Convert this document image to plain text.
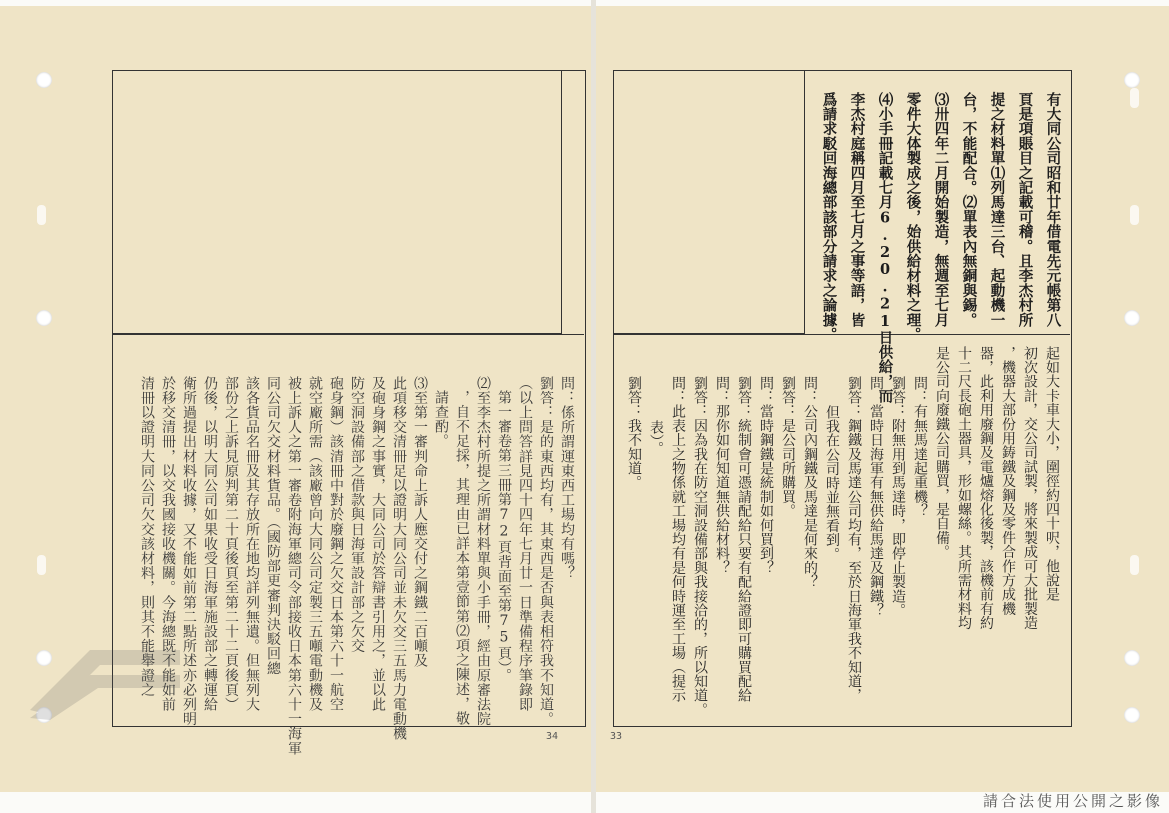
有大同公司昭和廿年借電先元帳第八
頁是項賬目之記載可稽。且李杰村所
提之材料單⑴列馬達三台、起動機一
台，不能配合。⑵單表內無銅與錫。
⑶卅四年二月開始製造，無週至七月
零件大体製成之後，始供給材料之理。
⑷小手冊記載七月6.20.21日供給，而
李杰村庭稱四月至七月之事等語，皆
爲請求駁回海總部該部分請求之論據。
起如大卡車大小，圍徑約四十呎，他說是
初次設計，交公司試製，將來製成可大批製造
，機器大部份用鋳鐵及鋼及零件合作方成機
器，此利用廢鋼及電爐熔化後製，該機前有約
十二尺長砲土器具，形如螺絲。其所需材料均
是公司向廢鐵公司購買，是自備。
問：有無馬達起重機？
劉答：附無用到馬達時，即停止製造。
問：當時日海軍有無供給馬達及鋼鐵？
劉答：鋼鐵及馬達公司均有，至於日海軍我不知道，
但我在公司時並無看到。
問：公司內鋼鐵及馬達是何來的？
劉答：是公司所購買。
問：當時鋼鐵是統制如何買到？
劉答：統制會可憑請配給只要有配給證即可購買配給
問：那你如何知道無供給材料？
劉答：因為我在防空洞設備部與我接洽的，所以知道。
問：此表上之物係就工場均有是何時運至工場（提示
表）。
劉答：我不知道。
問：係所謂運東西工場均有嗎？
劉答：是的東西均有，其東西是否與表相符我不知道。
（以上問答詳見四十四年七月廿一日準備程序筆錄即
第一審卷第三冊第72頁背面至第75頁）。
⑵至李杰村所提之所謂材料單與小手冊，經由原審法院
，自不足採，其理由已詳本第壹節第⑵項之陳述，敬
請查酌。
⑶至第一審判命上訴人應交付之鋼鐵二百噸及
此項移交清冊足以證明大同公司並未欠交三五馬力電動機
及砲身鋼之事實，大同公司於答辯書引用之，並以此
防空洞設備部之借款與日海軍設計部之欠交
砲身鋼）該清冊中對於廢鋼之欠交日本第六十一航空
就空廠所需（該廠曾向大同公司定製三五噸電動機及
被上訴人之第一審卷附海軍總司令部接收日本第六十一海軍
同公司欠交材料貨品。（國防部更審判決駁回總
該各貨品名冊及其存放所在地均詳列無遺。但無列大
部份之上訴見原判第二十頁後頁至第二十二頁後頁）
仍後，以明大同公司如果收受日海軍施設部之轉運給
衛所過提出材料收據，又不能如前第二點所述亦必列明
於移交清冊，以交我國接收機關。今海總既不能如前
清冊以證明大同公司欠交該材料，則其不能舉證之
34	33
請合法使用公開之影像
